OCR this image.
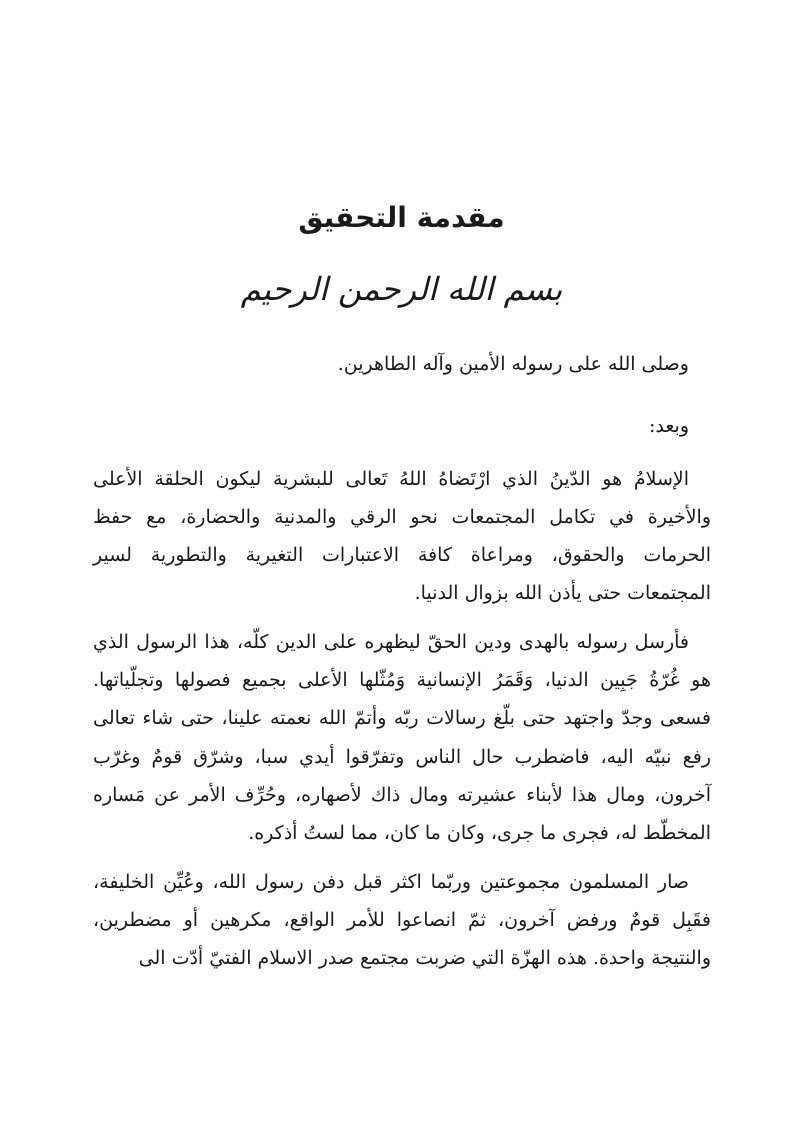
مقدمة التحقيق
بسم الله الرحمن الرحيم

وصلى الله على رسوله الأمين وآله الطاهرين.

وبعد:

الإسلامُ هو الدّينُ الذي ارْتَضاهُ اللهُ تَعالى للبشرية ليكون الحلقة الأعلى والأخيرة في تكامل المجتمعات نحو الرقي والمدنية والحضارة، مع حفظ الحرمات والحقوق، ومراعاة كافة الاعتبارات التغيرية والتطورية لسير المجتمعات حتى يأذن الله بزوال الدنيا.

فأرسل رسوله بالهدى ودين الحقّ ليظهره على الدين كلّه، هذا الرسول الذي هو غُرّةُ جَبِين الدنيا، وَقَمَرُ الإنسانية وَمُثّلها الأعلى بجميع فصولها وتجلّياتها. فسعى وجدّ واجتهد حتى بلّغ رسالات ربّه وأتمّ الله نعمته علينا، حتى شاء تعالى رفع نبيّه اليه، فاضطرب حال الناس وتفرّقوا أيدي سبا، وشرّق قومٌ وغرّب آخرون، ومال هذا لأبناء عشيرته ومال ذاك لأصهاره، وحُرِّف الأمر عن مَساره المخطّط له، فجرى ما جرى، وكان ما كان، مما لستُ أذكره.

صار المسلمون مجموعتين وربّما اكثر قبل دفن رسول الله، وعُيِّن الخليفة، فقَبِل قومٌ ورفض آخرون، ثمّ انصاعوا للأمر الواقع، مكرهين أو مضطرين، والنتيجة واحدة. هذه الهزّة التي ضربت مجتمع صدر الاسلام الفتيّ أدّت الى
